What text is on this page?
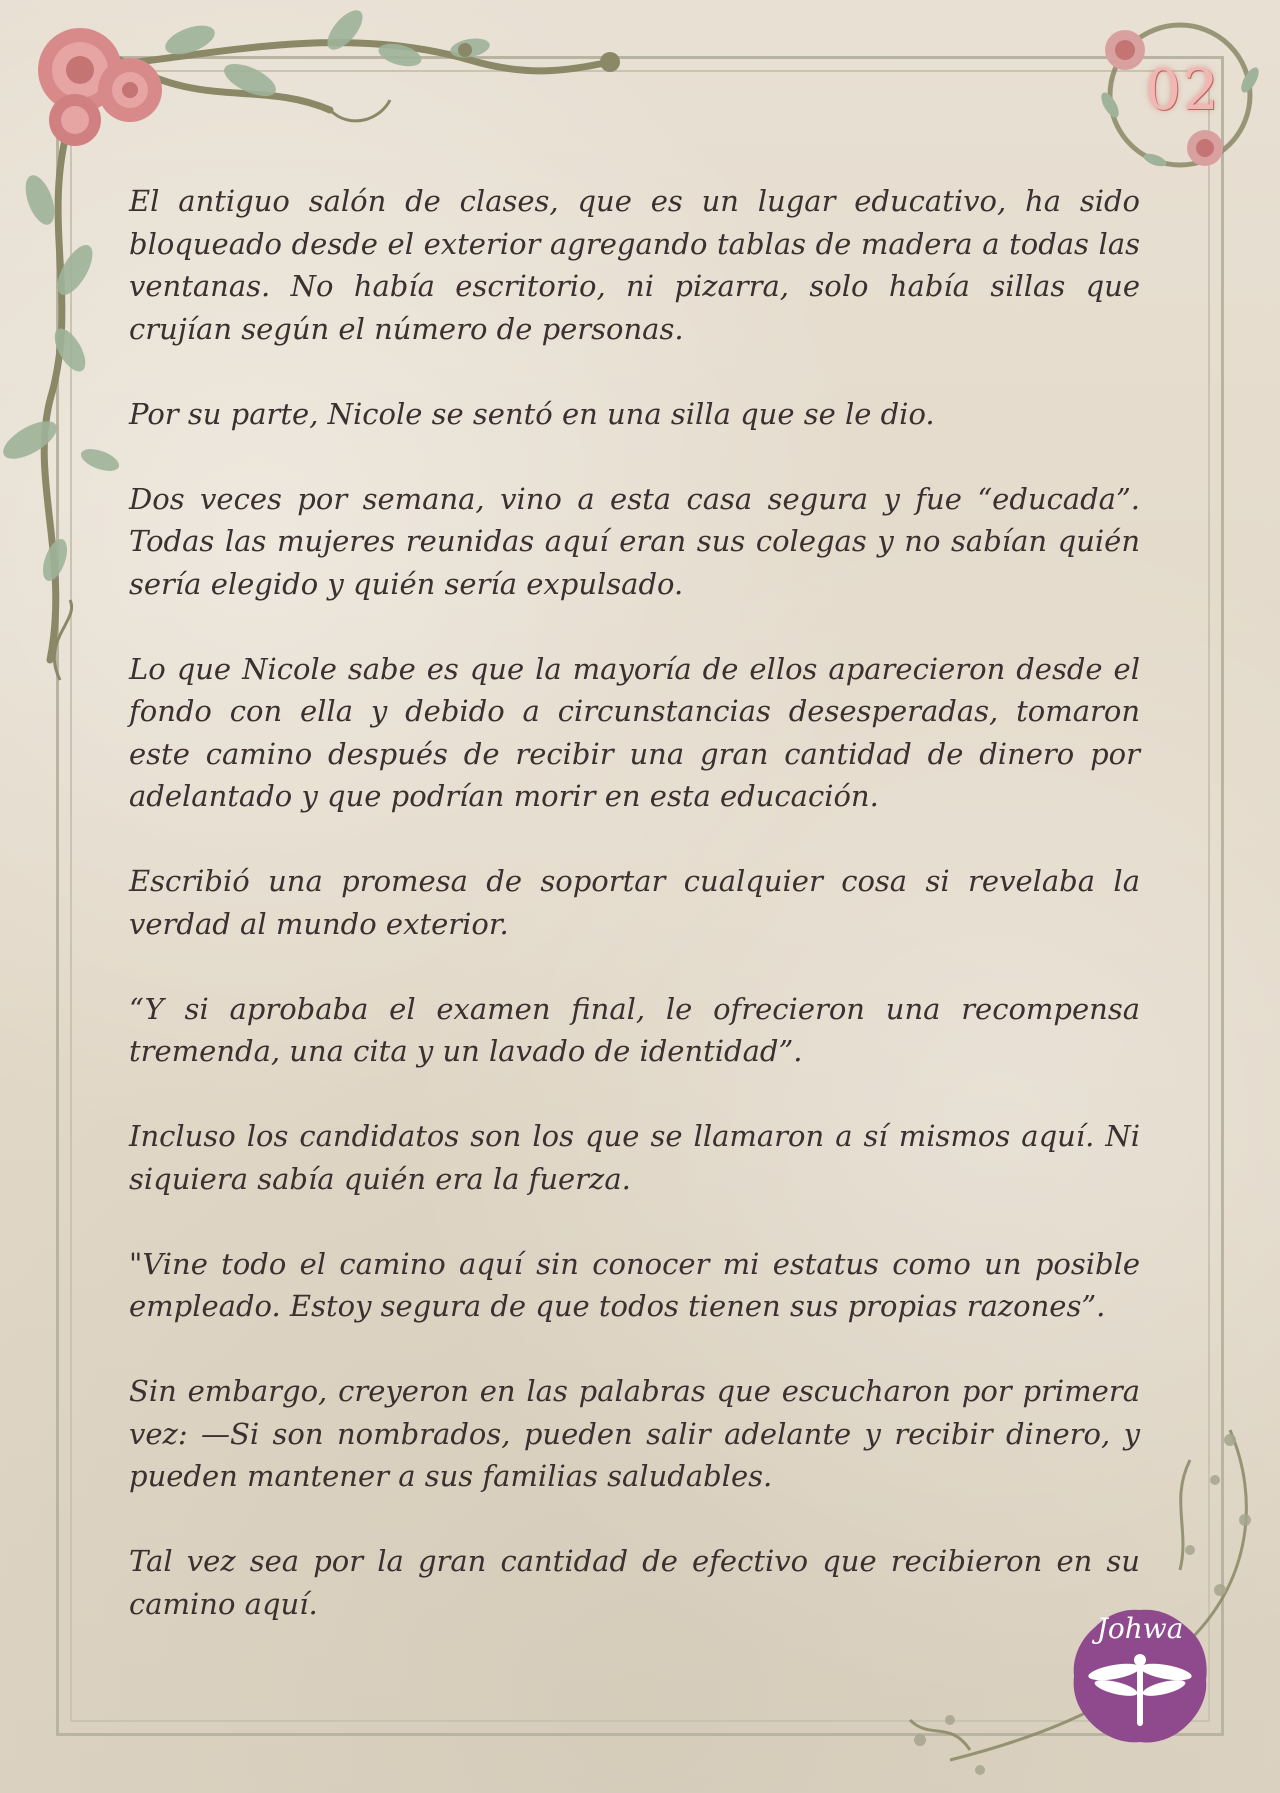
02
Johwa

El antiguo salón de clases, que es un lugar educativo, ha sido bloqueado desde el exterior agregando tablas de madera a todas las ventanas. No había escritorio, ni pizarra, solo había sillas que crujían según el número de personas.

Por su parte, Nicole se sentó en una silla que se le dio.

Dos veces por semana, vino a esta casa segura y fue “educada”. Todas las mujeres reunidas aquí eran sus colegas y no sabían quién sería elegido y quién sería expulsado.

Lo que Nicole sabe es que la mayoría de ellos aparecieron desde el fondo con ella y debido a circunstancias desesperadas, tomaron este camino después de recibir una gran cantidad de dinero por adelantado y que podrían morir en esta educación.

Escribió una promesa de soportar cualquier cosa si revelaba la verdad al mundo exterior.

“Y si aprobaba el examen final, le ofrecieron una recompensa tremenda, una cita y un lavado de identidad”.

Incluso los candidatos son los que se llamaron a sí mismos aquí. Ni siquiera sabía quién era la fuerza.

"Vine todo el camino aquí sin conocer mi estatus como un posible empleado. Estoy segura de que todos tienen sus propias razones”.

Sin embargo, creyeron en las palabras que escucharon por primera vez: —Si son nombrados, pueden salir adelante y recibir dinero, y pueden mantener a sus familias saludables.

Tal vez sea por la gran cantidad de efectivo que recibieron en su camino aquí.
